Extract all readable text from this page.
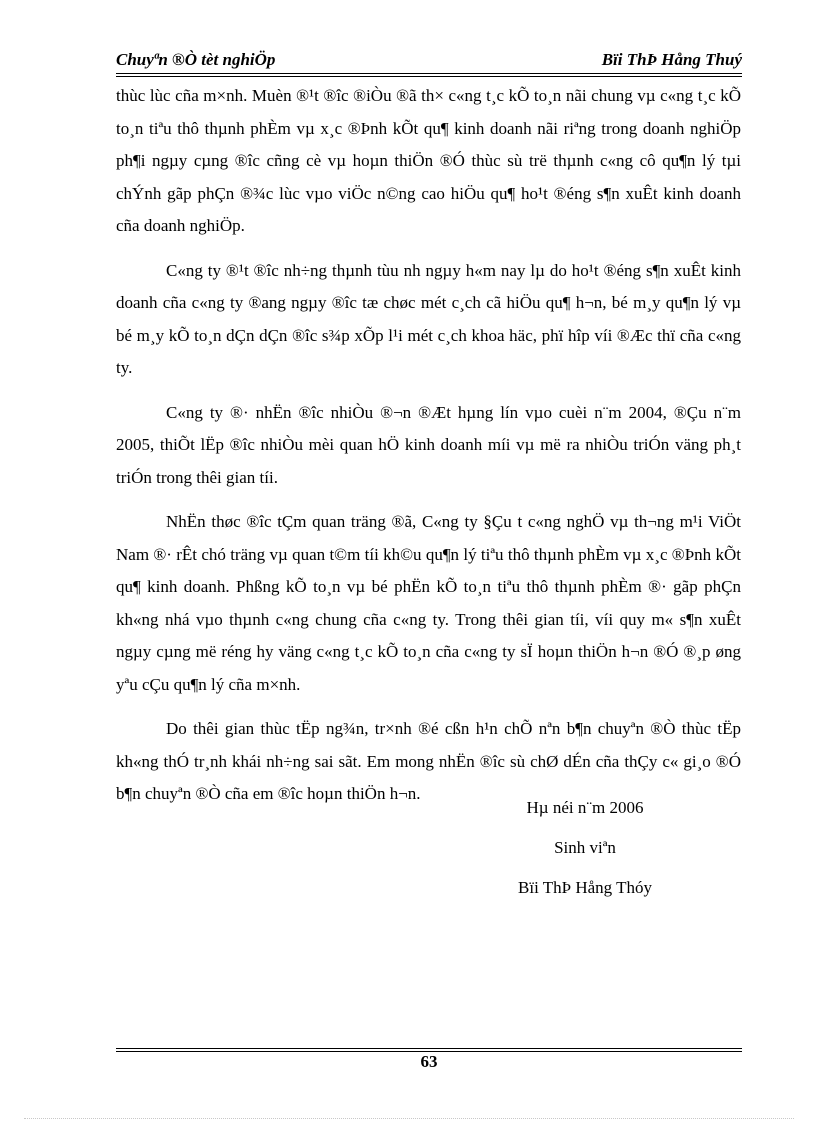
Chuyªn ®Ò tèt nghiÖp	Bïi ThÞ Hång Thuý

thùc lùc cña m×nh. Muèn ®¹t ®îc ®iÒu ®ã th× c«ng t¸c kÕ to¸n nãi chung vµ c«ng t¸c kÕ to¸n tiªu thô thµnh phÈm vµ x¸c ®Þnh kÕt qu¶ kinh doanh nãi riªng trong doanh nghiÖp ph¶i ngµy cµng ®îc cñng cè vµ hoµn thiÖn ®Ó thùc sù trë thµnh c«ng cô qu¶n lý tµi chÝnh gãp phÇn ®¾c lùc vµo viÖc n©ng cao hiÖu qu¶ ho¹t ®éng s¶n xuÊt kinh doanh cña doanh nghiÖp.

C«ng ty ®¹t ®îc nh÷ng thµnh tùu nh ngµy h«m nay lµ do ho¹t ®éng s¶n xuÊt kinh doanh cña c«ng ty ®ang ngµy ®îc tæ chøc mét c¸ch cã hiÖu qu¶ h¬n, bé m¸y qu¶n lý vµ bé m¸y kÕ to¸n dÇn dÇn ®îc s¾p xÕp l¹i mét c¸ch khoa häc, phï hîp víi ®Æc thï cña c«ng ty.

C«ng ty ®· nhËn ®îc nhiÒu ®¬n ®Æt hµng lín vµo cuèi n¨m 2004, ®Çu n¨m 2005, thiÕt lËp ®îc nhiÒu mèi quan hÖ kinh doanh míi vµ më ra nhiÒu triÓn väng ph¸t triÓn trong thêi gian tíi.

NhËn thøc ®îc tÇm quan träng ®ã, C«ng ty §Çu t c«ng nghÖ vµ th¬ng m¹i ViÖt Nam ®· rÊt chó träng vµ quan t©m tíi kh©u qu¶n lý tiªu thô thµnh phÈm vµ x¸c ®Þnh kÕt qu¶ kinh doanh. Phßng kÕ to¸n vµ bé phËn kÕ to¸n tiªu thô thµnh phÈm ®· gãp phÇn kh«ng nhá vµo thµnh c«ng chung cña c«ng ty. Trong thêi gian tíi, víi quy m« s¶n xuÊt ngµy cµng më réng hy väng c«ng t¸c kÕ to¸n cña c«ng ty sÏ hoµn thiÖn h¬n ®Ó ®¸p øng yªu cÇu qu¶n lý cña m×nh.

Do thêi gian thùc tËp ng¾n, tr×nh ®é cßn h¹n chÕ nªn b¶n chuyªn ®Ò thùc tËp kh«ng thÓ tr¸nh khái nh÷ng sai sãt. Em mong nhËn ®îc sù chØ dÉn cña thÇy c« gi¸o ®Ó b¶n chuyªn ®Ò cña em ®îc hoµn thiÖn h¬n.

Hµ néi n¨m 2006
Sinh viªn
Bïi ThÞ Hång Thóy
63
